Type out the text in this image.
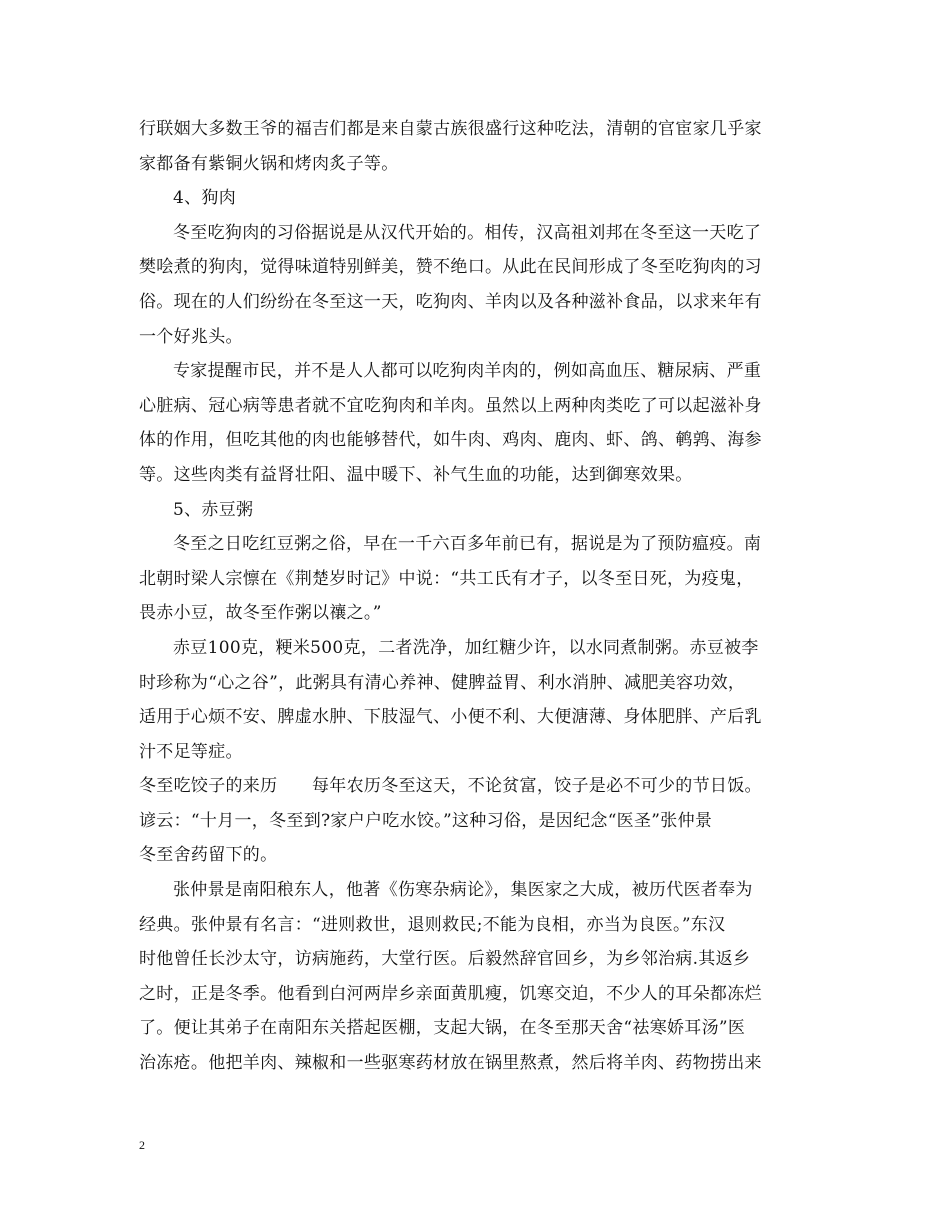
行联姻大多数王爷的福吉们都是来自蒙古族很盛行这种吃法，清朝的官宦家几乎家
家都备有紫铜火锅和烤肉炙子等。
4、狗肉
冬至吃狗肉的习俗据说是从汉代开始的。相传，汉高祖刘邦在冬至这一天吃了
樊哙煮的狗肉，觉得味道特别鲜美，赞不绝口。从此在民间形成了冬至吃狗肉的习
俗。现在的人们纷纷在冬至这一天，吃狗肉、羊肉以及各种滋补食品，以求来年有
一个好兆头。
专家提醒市民，并不是人人都可以吃狗肉羊肉的，例如高血压、糖尿病、严重
心脏病、冠心病等患者就不宜吃狗肉和羊肉。虽然以上两种肉类吃了可以起滋补身
体的作用，但吃其他的肉也能够替代，如牛肉、鸡肉、鹿肉、虾、鸽、鹌鹑、海参
等。这些肉类有益肾壮阳、温中暖下、补气生血的功能，达到御寒效果。
5、赤豆粥
冬至之日吃红豆粥之俗，早在一千六百多年前已有，据说是为了预防瘟疫。南
北朝时梁人宗懔在《荆楚岁时记》中说：“共工氏有才子，以冬至日死，为疫鬼，
畏赤小豆，故冬至作粥以禳之。”
赤豆100克，粳米500克，二者洗净，加红糖少许，以水同煮制粥。赤豆被李
时珍称为“心之谷”，此粥具有清心养神、健脾益胃、利水消肿、减肥美容功效，
适用于心烦不安、脾虚水肿、下肢湿气、小便不利、大便溏薄、身体肥胖、产后乳
汁不足等症。
冬至吃饺子的来历　　每年农历冬至这天，不论贫富，饺子是必不可少的节日饭。
谚云：“十月一，冬至到?家户户吃水饺。”这种习俗，是因纪念“医圣”张仲景
冬至舍药留下的。
张仲景是南阳稂东人，他著《伤寒杂病论》，集医家之大成，被历代医者奉为
经典。张仲景有名言：“进则救世，退则救民;不能为良相，亦当为良医。”东汉
时他曾任长沙太守，访病施药，大堂行医。后毅然辞官回乡，为乡邻治病.其返乡
之时，正是冬季。他看到白河两岸乡亲面黄肌瘦，饥寒交迫，不少人的耳朵都冻烂
了。便让其弟子在南阳东关搭起医棚，支起大锅，在冬至那天舍“祛寒娇耳汤”医
治冻疮。他把羊肉、辣椒和一些驱寒药材放在锅里熬煮，然后将羊肉、药物捞出来
2
